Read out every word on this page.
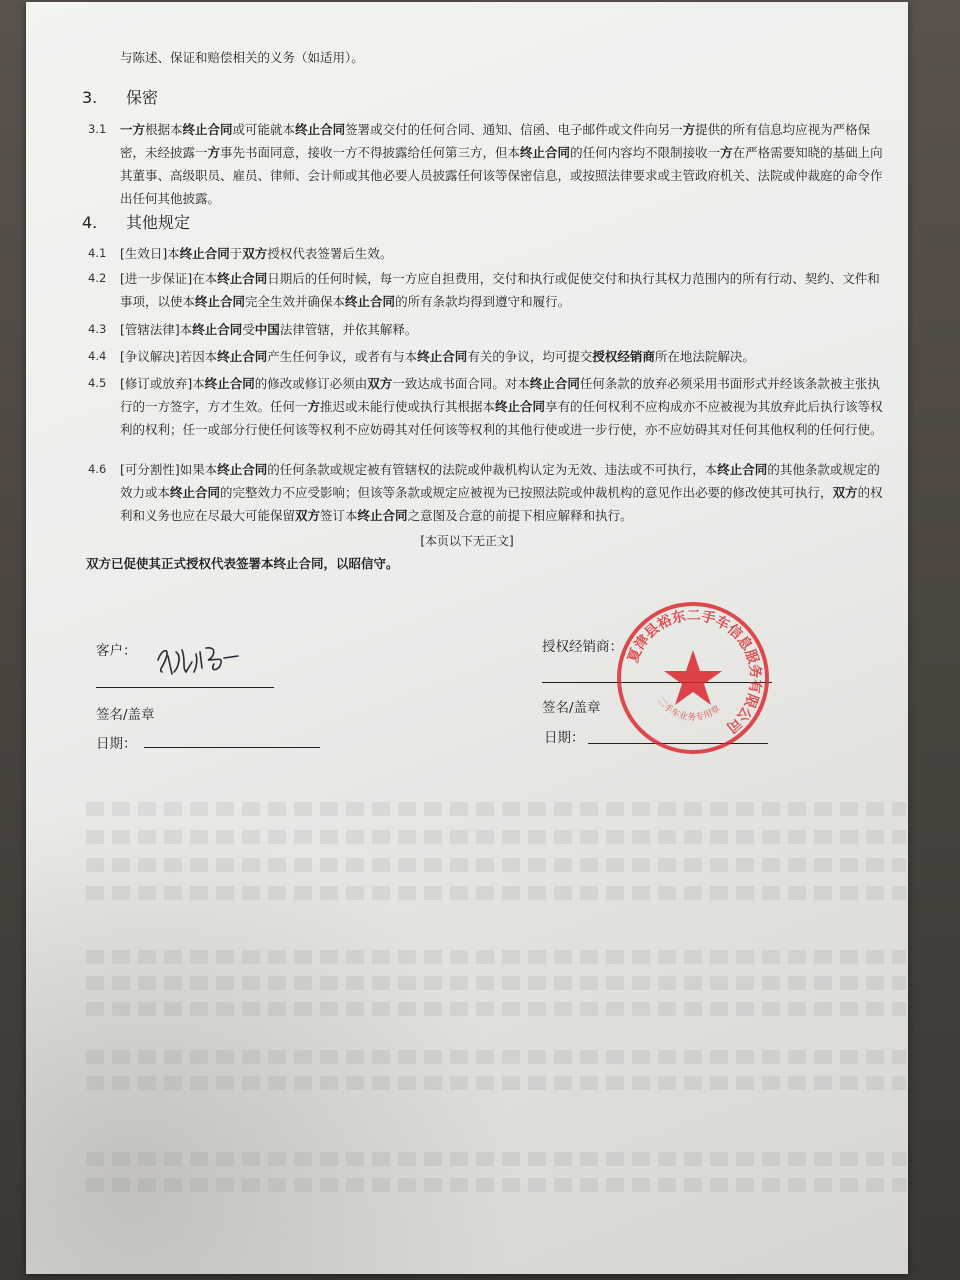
与陈述、保证和赔偿相关的义务（如适用）。
3. 保密
3.1 一方根据本终止合同或可能就本终止合同签署或交付的任何合同、通知、信函、电子邮件或文件向另一方提供的所有信息均应视为严格保密，未经披露一方事先书面同意，接收一方不得披露给任何第三方，但本终止合同的任何内容均不限制接收一方在严格需要知晓的基础上向其董事、高级职员、雇员、律师、会计师或其他必要人员披露任何该等保密信息，或按照法律要求或主管政府机关、法院或仲裁庭的命令作出任何其他披露。
4. 其他规定
4.1 [生效日]本终止合同于双方授权代表签署后生效。
4.2 [进一步保证]在本终止合同日期后的任何时候，每一方应自担费用，交付和执行或促使交付和执行其权力范围内的所有行动、契约、文件和事项，以使本终止合同完全生效并确保本终止合同的所有条款均得到遵守和履行。
4.3 [管辖法律]本终止合同受中国法律管辖，并依其解释。
4.4 [争议解决]若因本终止合同产生任何争议，或者有与本终止合同有关的争议，均可提交授权经销商所在地法院解决。
4.5 [修订或放弃]本终止合同的修改或修订必须由双方一致达成书面合同。对本终止合同任何条款的放弃必须采用书面形式并经该条款被主张执行的一方签字，方才生效。任何一方推迟或未能行使或执行其根据本终止合同享有的任何权利不应构成亦不应被视为其放弃此后执行该等权利的权利；任一或部分行使任何该等权利不应妨碍其对任何该等权利的其他行使或进一步行使，亦不应妨碍其对任何其他权利的任何行使。
4.6 [可分割性]如果本终止合同的任何条款或规定被有管辖权的法院或仲裁机构认定为无效、违法或不可执行，本终止合同的其他条款或规定的效力或本终止合同的完整效力不应受影响；但该等条款或规定应被视为已按照法院或仲裁机构的意见作出必要的修改使其可执行，双方的权利和义务也应在尽最大可能保留双方签订本终止合同之意图及合意的前提下相应解释和执行。
[本页以下无正文]
双方已促使其正式授权代表签署本终止合同，以昭信守。
客户：
签名/盖章
日期：
授权经销商：
签名/盖章
日期：
夏津县裕东二手车信息服务有限公司
二手车业务专用章
